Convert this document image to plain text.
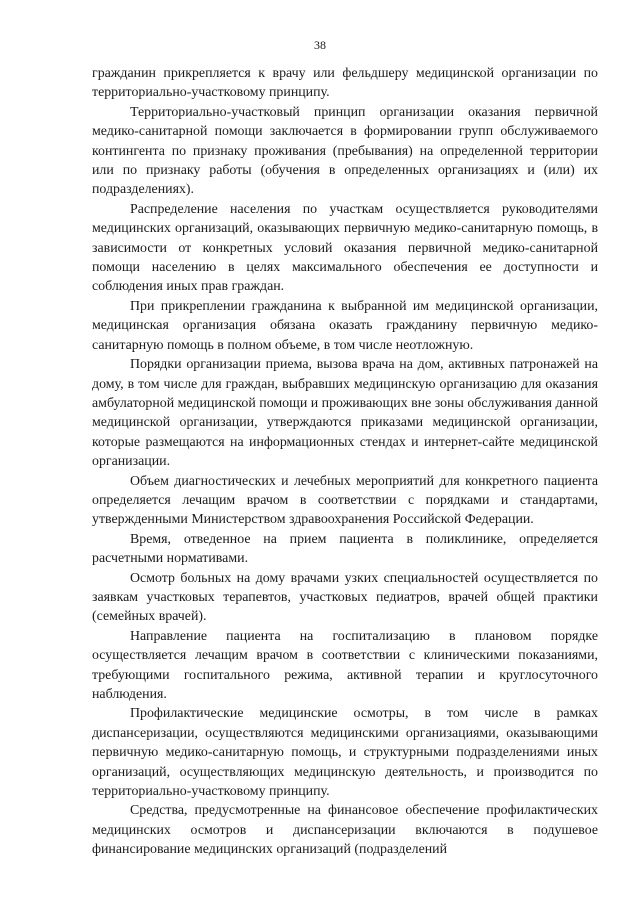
38

гражданин прикрепляется к врачу или фельдшеру медицинской организации по территориально-участковому принципу.

Территориально-участковый принцип организации оказания первичной медико-санитарной помощи заключается в формировании групп обслуживаемого контингента по признаку проживания (пребывания) на определенной территории или по признаку работы (обучения в определенных организациях и (или) их подразделениях).

Распределение населения по участкам осуществляется руководителями медицинских организаций, оказывающих первичную медико-санитарную помощь, в зависимости от конкретных условий оказания первичной медико-санитарной помощи населению в целях максимального обеспечения ее доступности и соблюдения иных прав граждан.

При прикреплении гражданина к выбранной им медицинской организации, медицинская организация обязана оказать гражданину первичную медико-санитарную помощь в полном объеме, в том числе неотложную.

Порядки организации приема, вызова врача на дом, активных патронажей на дому, в том числе для граждан, выбравших медицинскую организацию для оказания амбулаторной медицинской помощи и проживающих вне зоны обслуживания данной медицинской организации, утверждаются приказами медицинской организации, которые размещаются на информационных стендах и интернет-сайте медицинской организации.

Объем диагностических и лечебных мероприятий для конкретного пациента определяется лечащим врачом в соответствии с порядками и стандартами, утвержденными Министерством здравоохранения Российской Федерации.

Время, отведенное на прием пациента в поликлинике, определяется расчетными нормативами.

Осмотр больных на дому врачами узких специальностей осуществляется по заявкам участковых терапевтов, участковых педиатров, врачей общей практики (семейных врачей).

Направление пациента на госпитализацию в плановом порядке осуществляется лечащим врачом в соответствии с клиническими показаниями, требующими госпитального режима, активной терапии и круглосуточного наблюдения.

Профилактические медицинские осмотры, в том числе в рамках диспансеризации, осуществляются медицинскими организациями, оказывающими первичную медико-санитарную помощь, и структурными подразделениями иных организаций, осуществляющих медицинскую деятельность, и производится по территориально-участковому принципу.

Средства, предусмотренные на финансовое обеспечение профилактических медицинских осмотров и диспансеризации включаются в подушевое финансирование медицинских организаций (подразделений
